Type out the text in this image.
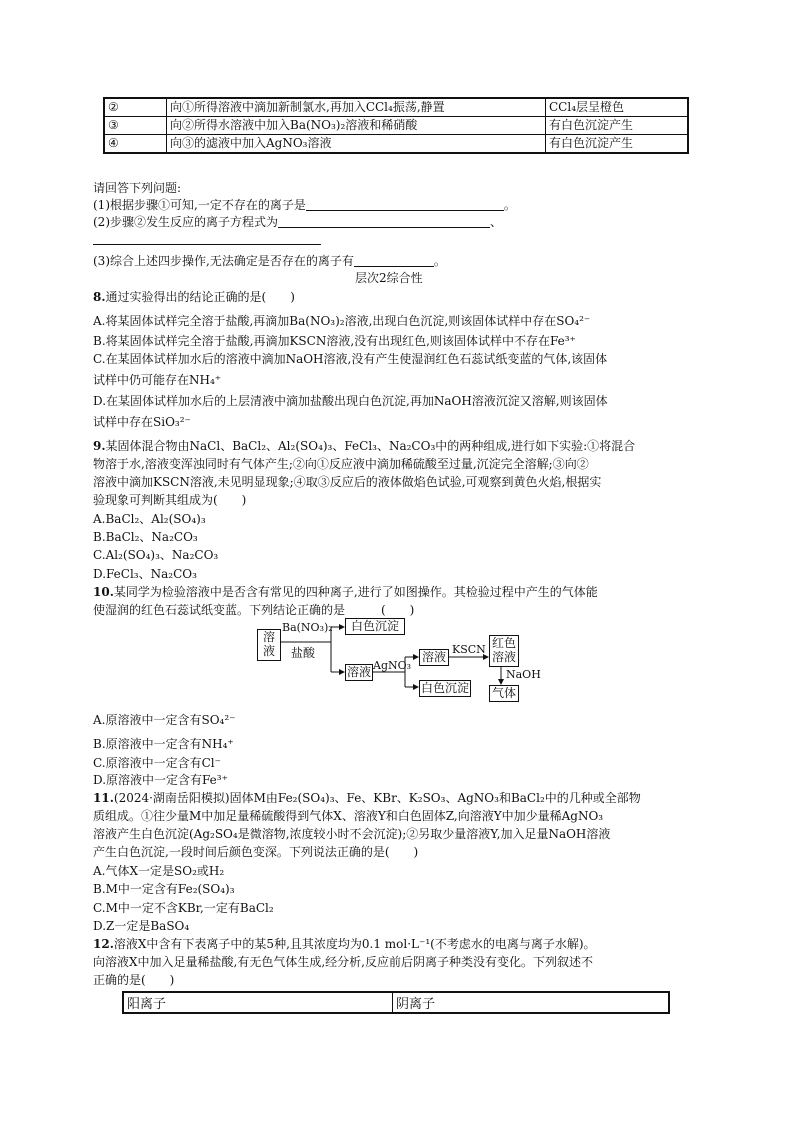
②	向①所得溶液中滴加新制氯水,再加入CCl₄振荡,静置	CCl₄层呈橙色
③	向②所得水溶液中加入Ba(NO₃)₂溶液和稀硝酸	有白色沉淀产生
④	向③的滤液中加入AgNO₃溶液	有白色沉淀产生
请回答下列问题:
(1)根据步骤①可知,一定不存在的离子是	。
(2)步骤②发生反应的离子方程式为	、
(3)综合上述四步操作,无法确定是否存在的离子有	。
层次2综合性
8.通过实验得出的结论正确的是(　　)
A.将某固体试样完全溶于盐酸,再滴加Ba(NO₃)₂溶液,出现白色沉淀,则该固体试样中存在SO₄²⁻
B.将某固体试样完全溶于盐酸,再滴加KSCN溶液,没有出现红色,则该固体试样中不存在Fe³⁺
C.在某固体试样加水后的溶液中滴加NaOH溶液,没有产生使湿润红色石蕊试纸变蓝的气体,该固体
试样中仍可能存在NH₄⁺
D.在某固体试样加水后的上层清液中滴加盐酸出现白色沉淀,再加NaOH溶液沉淀又溶解,则该固体
试样中存在SiO₃²⁻
9.某固体混合物由NaCl、BaCl₂、Al₂(SO₄)₃、FeCl₃、Na₂CO₃中的两种组成,进行如下实验:①将混合
物溶于水,溶液变浑浊同时有气体产生;②向①反应液中滴加稀硫酸至过量,沉淀完全溶解;③向②
溶液中滴加KSCN溶液,未见明显现象;④取③反应后的液体做焰色试验,可观察到黄色火焰,根据实
验现象可判断其组成为(　　)
A.BaCl₂、Al₂(SO₄)₃
B.BaCl₂、Na₂CO₃
C.Al₂(SO₄)₃、Na₂CO₃
D.FeCl₃、Na₂CO₃
10.某同学为检验溶液中是否含有常见的四种离子,进行了如图操作。其检验过程中产生的气体能
使湿润的红色石蕊试纸变蓝。下列结论正确的是　　　(　　)
溶液
Ba(NO₃)₂
盐酸
白色沉淀
溶液 AgNO₃
溶液
白色沉淀
KSCN 红色溶液
NaOH
气体
A.原溶液中一定含有SO₄²⁻
B.原溶液中一定含有NH₄⁺
C.原溶液中一定含有Cl⁻
D.原溶液中一定含有Fe³⁺
11.(2024·湖南岳阳模拟)固体M由Fe₂(SO₄)₃、Fe、KBr、K₂SO₃、AgNO₃和BaCl₂中的几种或全部物
质组成。①往少量M中加足量稀硫酸得到气体X、溶液Y和白色固体Z,向溶液Y中加少量稀AgNO₃
溶液产生白色沉淀(Ag₂SO₄是微溶物,浓度较小时不会沉淀);②另取少量溶液Y,加入足量NaOH溶液
产生白色沉淀,一段时间后颜色变深。下列说法正确的是(　　)
A.气体X一定是SO₂或H₂
B.M中一定含有Fe₂(SO₄)₃
C.M中一定不含KBr,一定有BaCl₂
D.Z一定是BaSO₄
12.溶液X中含有下表离子中的某5种,且其浓度均为0.1 mol·L⁻¹(不考虑水的电离与离子水解)。
向溶液X中加入足量稀盐酸,有无色气体生成,经分析,反应前后阴离子种类没有变化。下列叙述不
正确的是(　　)
阳离子	阴离子
